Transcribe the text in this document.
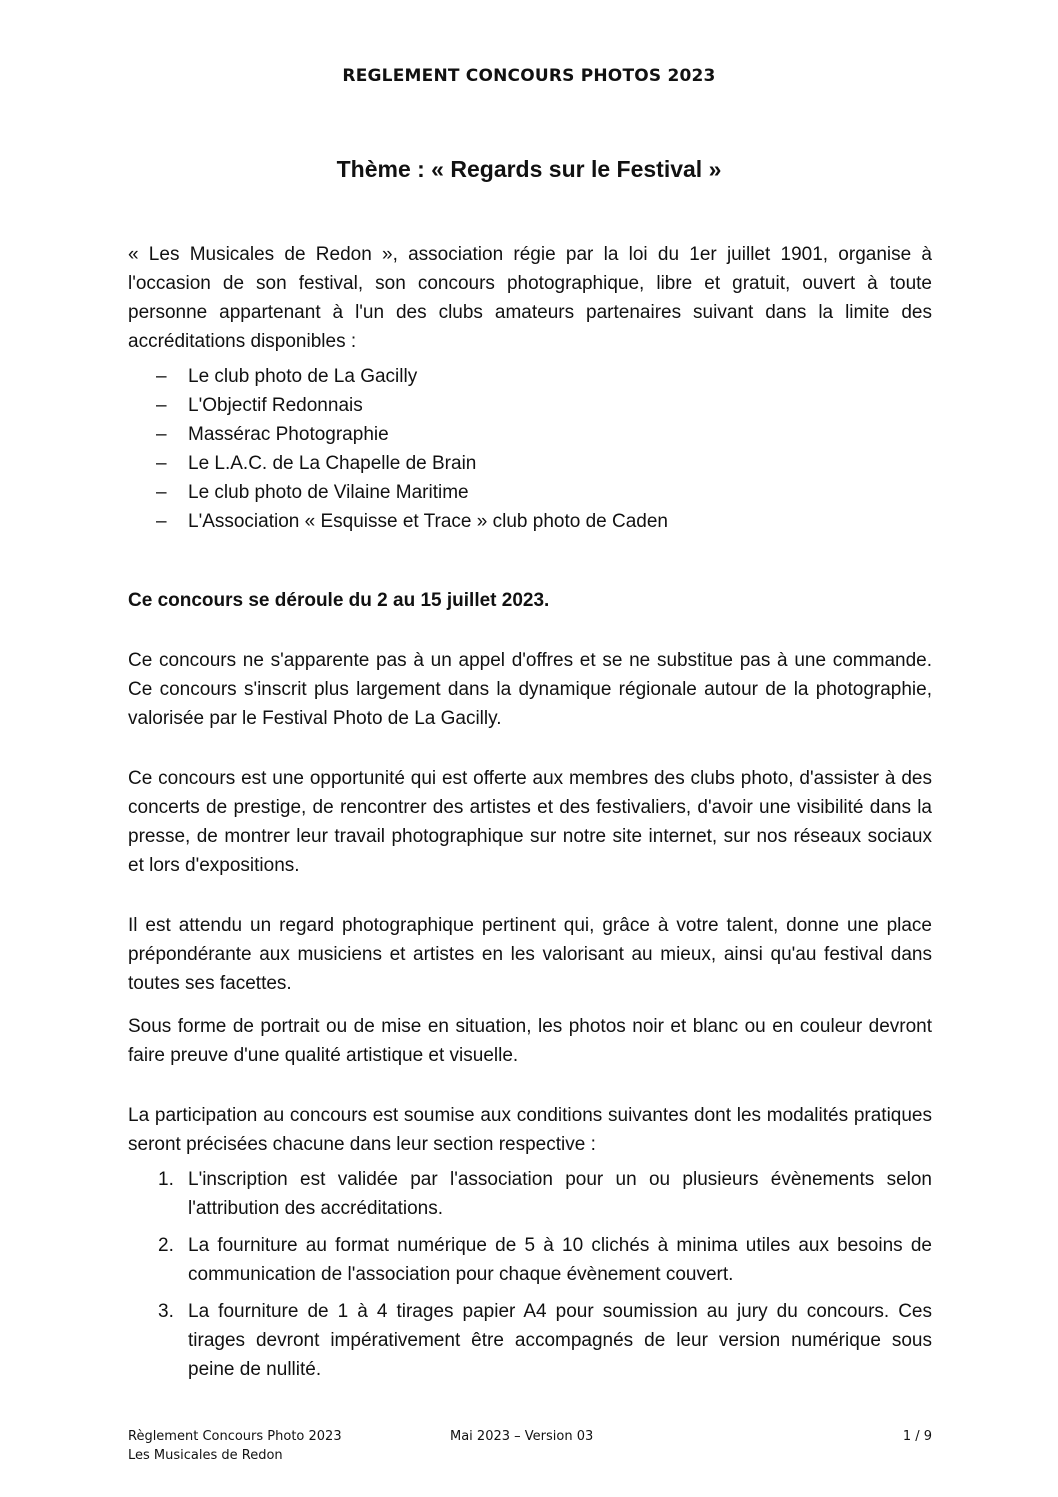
REGLEMENT CONCOURS PHOTOS 2023
Thème : « Regards sur le Festival »

« Les Musicales de Redon », association régie par la loi du 1er juillet 1901, organise à l'occasion de son festival, son concours photographique, libre et gratuit, ouvert à toute personne appartenant à l'un des clubs amateurs partenaires suivant dans la limite des accréditations disponibles :

– Le club photo de La Gacilly
– L'Objectif Redonnais
– Massérac Photographie
– Le L.A.C. de La Chapelle de Brain
– Le club photo de Vilaine Maritime
– L'Association « Esquisse et Trace » club photo de Caden

Ce concours se déroule du 2 au 15 juillet 2023.

Ce concours ne s'apparente pas à un appel d'offres et se ne substitue pas à une commande. Ce concours s'inscrit plus largement dans la dynamique régionale autour de la photographie, valorisée par le Festival Photo de La Gacilly.

Ce concours est une opportunité qui est offerte aux membres des clubs photo, d'assister à des concerts de prestige, de rencontrer des artistes et des festivaliers, d'avoir une visibilité dans la presse, de montrer leur travail photographique sur notre site internet, sur nos réseaux sociaux et lors d'expositions.

Il est attendu un regard photographique pertinent qui, grâce à votre talent, donne une place prépondérante aux musiciens et artistes en les valorisant au mieux, ainsi qu'au festival dans toutes ses facettes.

Sous forme de portrait ou de mise en situation, les photos noir et blanc ou en couleur devront faire preuve d'une qualité artistique et visuelle.

La participation au concours est soumise aux conditions suivantes dont les modalités pratiques seront précisées chacune dans leur section respective :

1. L'inscription est validée par l'association pour un ou plusieurs évènements selon l'attribution des accréditations.
2. La fourniture au format numérique de 5 à 10 clichés à minima utiles aux besoins de communication de l'association pour chaque évènement couvert.
3. La fourniture de 1 à 4 tirages papier A4 pour soumission au jury du concours. Ces tirages devront impérativement être accompagnés de leur version numérique sous peine de nullité.
Règlement Concours Photo 2023
Les Musicales de Redon
Mai 2023 – Version 03	1 / 9
